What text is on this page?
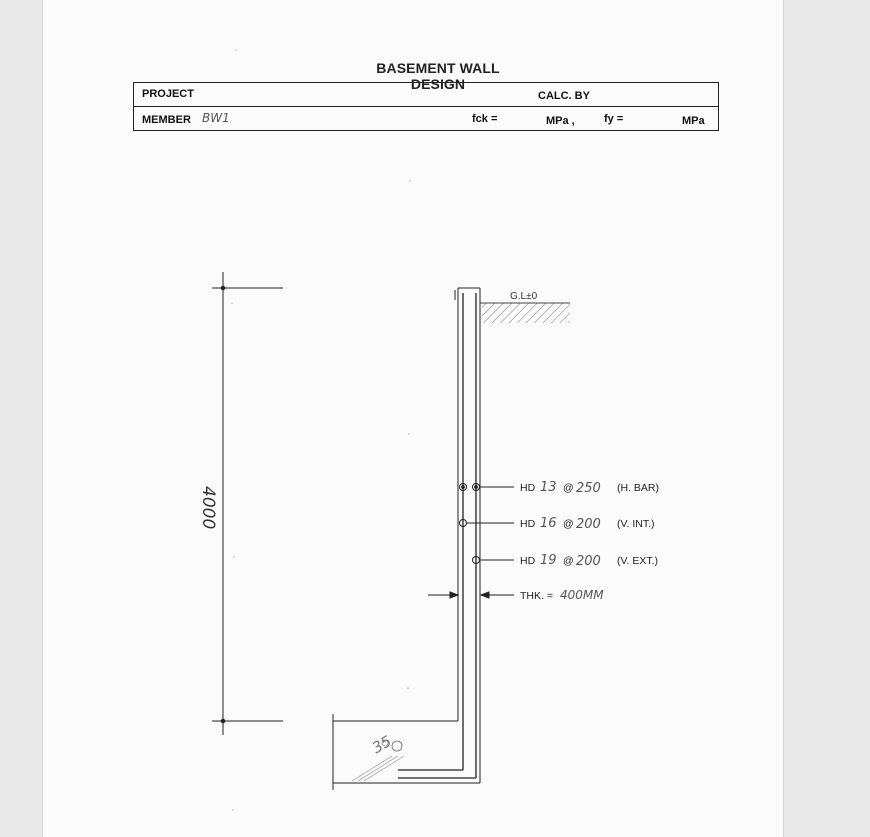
BASEMENT WALL DESIGN
PROJECT	CALC. BY

MEMBER BW1	fck =	MPa ,	fy =	MPa
4000
G.L±0
35
HD 13 @ 250 (H. BAR)
HD 16 @ 200 (V. INT.)
HD 19 @ 200 (V. EXT.)
THK. = 400MM
